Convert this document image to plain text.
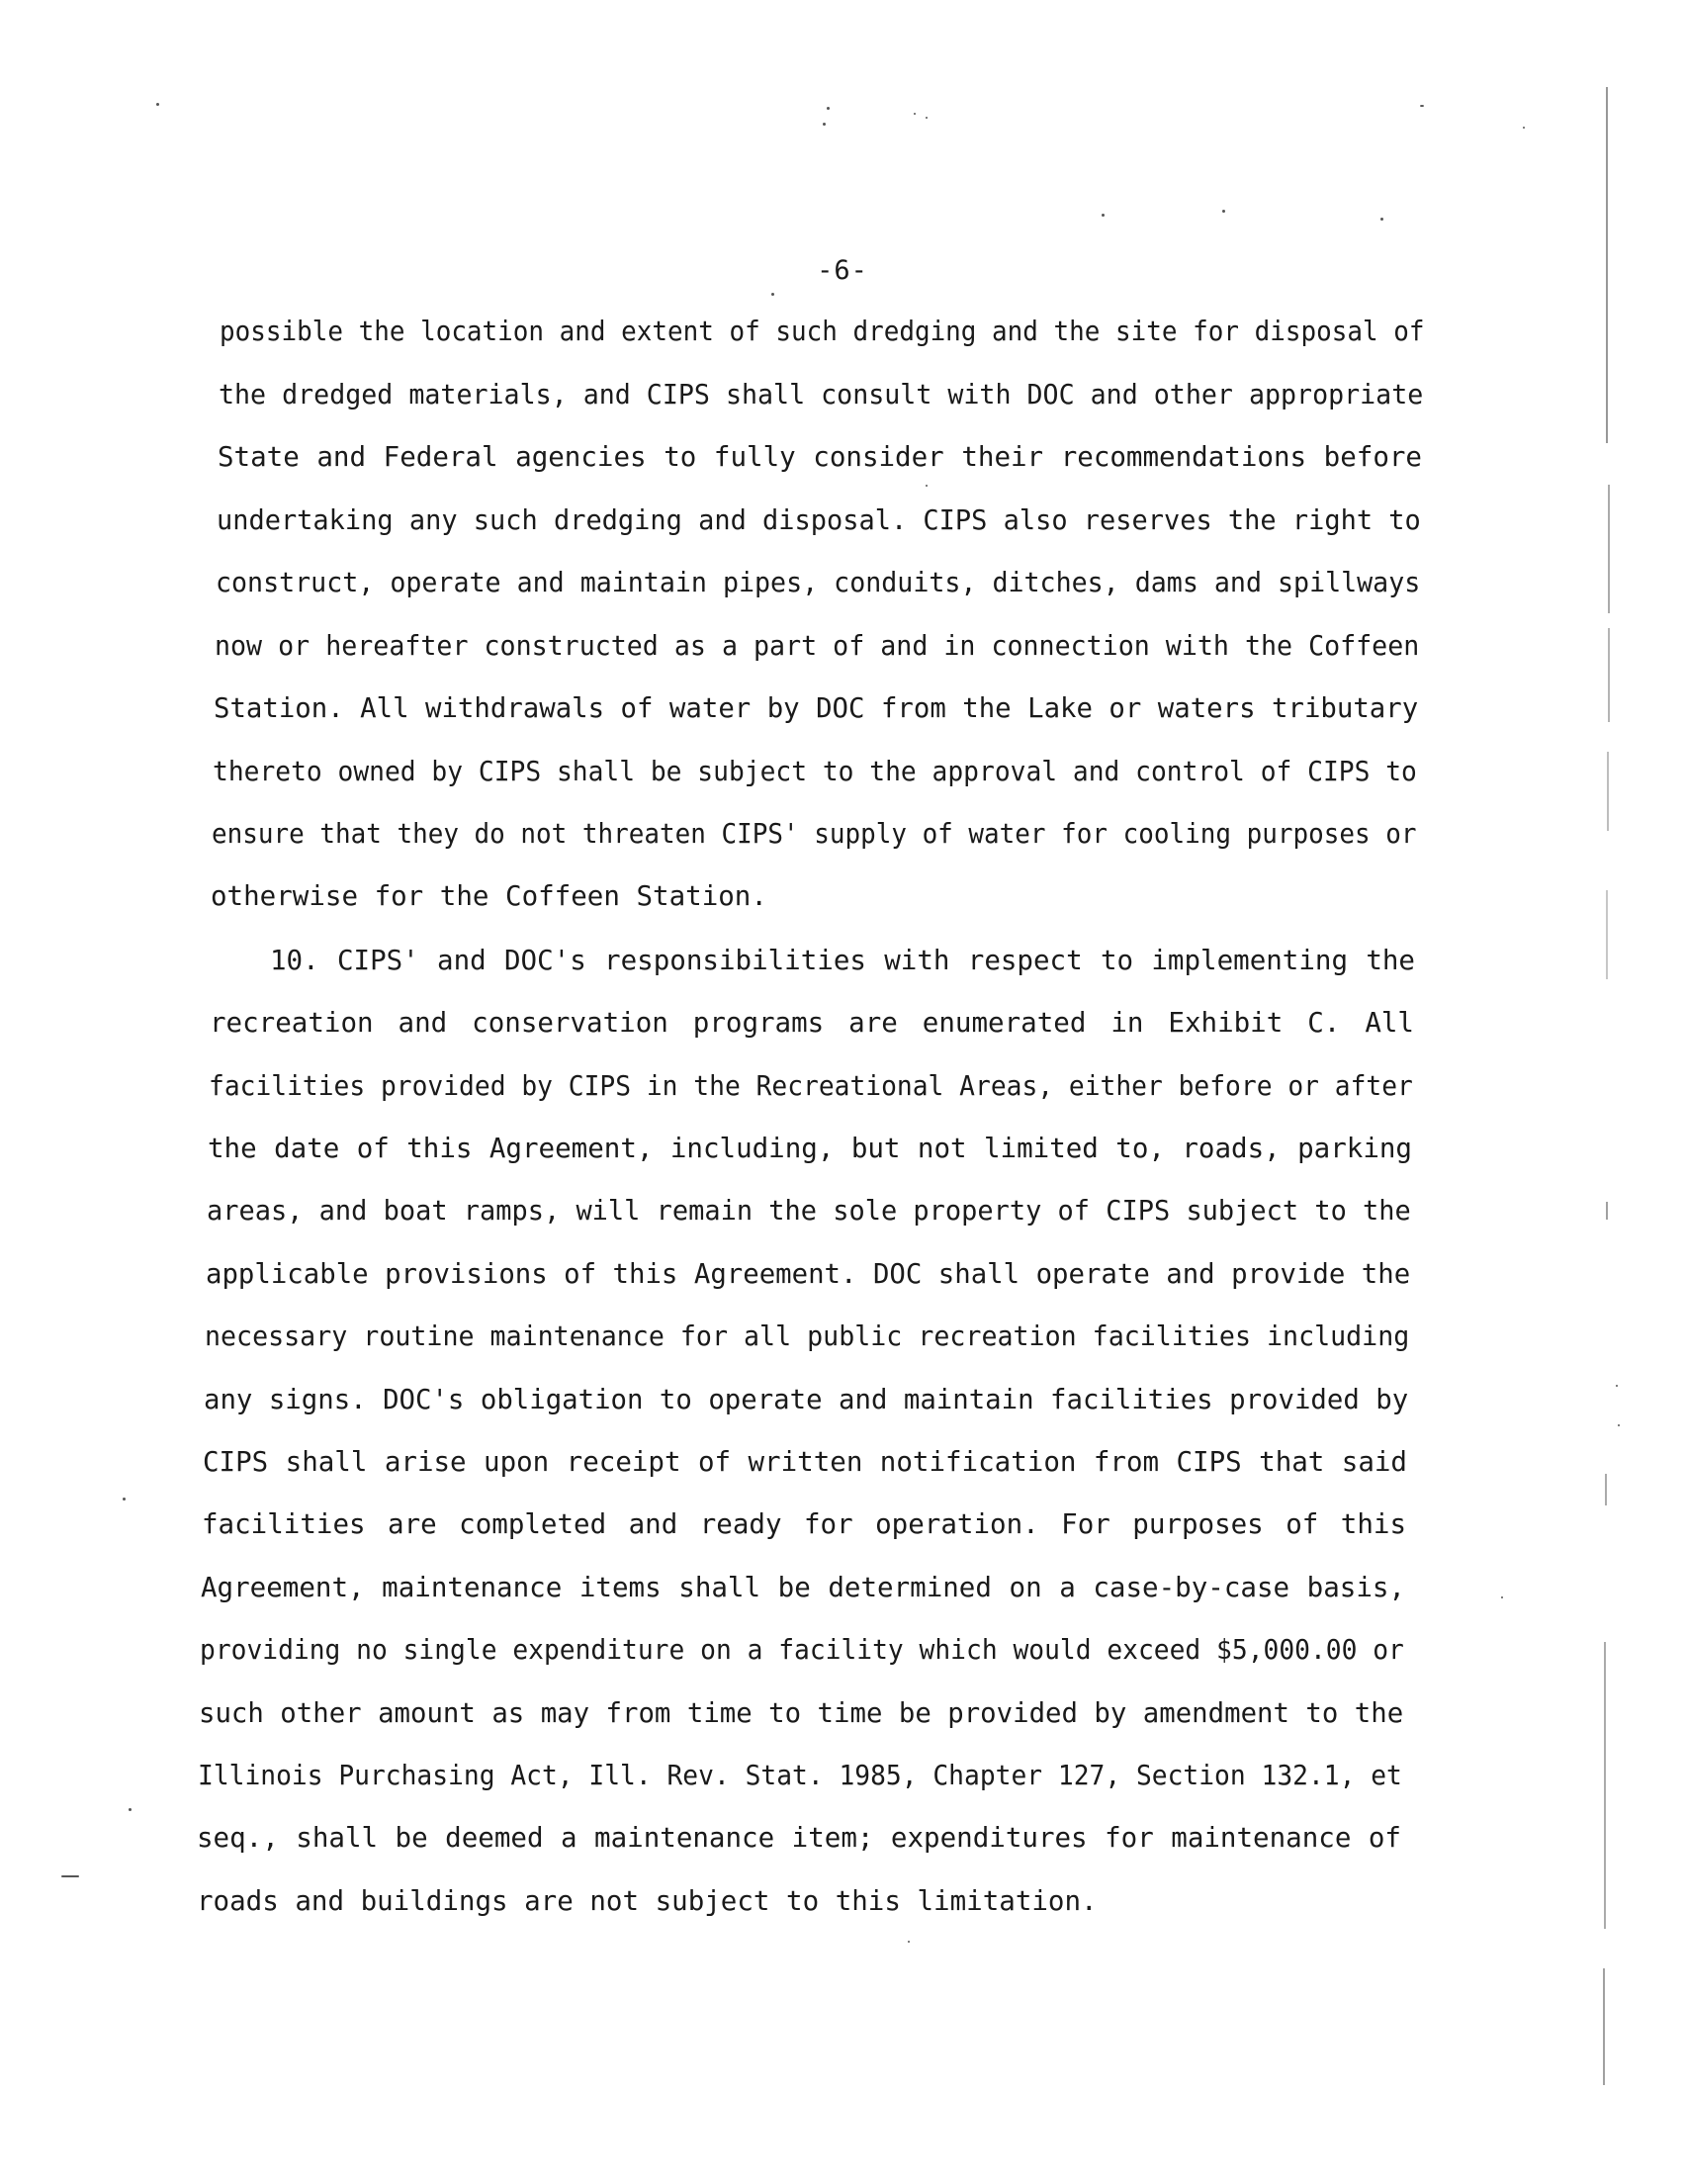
-6-
possible the location and extent of such dredging and the site for disposal of
the dredged materials, and CIPS shall consult with DOC and other appropriate
State and Federal agencies to fully consider their recommendations before
undertaking any such dredging and disposal. CIPS also reserves the right to
construct, operate and maintain pipes, conduits, ditches, dams and spillways
now or hereafter constructed as a part of and in connection with the Coffeen
Station. All withdrawals of water by DOC from the Lake or waters tributary
thereto owned by CIPS shall be subject to the approval and control of CIPS to
ensure that they do not threaten CIPS' supply of water for cooling purposes or
otherwise for the Coffeen Station.
10. CIPS' and DOC's responsibilities with respect to implementing the
recreation and conservation programs are enumerated in Exhibit C. All
facilities provided by CIPS in the Recreational Areas, either before or after
the date of this Agreement, including, but not limited to, roads, parking
areas, and boat ramps, will remain the sole property of CIPS subject to the
applicable provisions of this Agreement. DOC shall operate and provide the
necessary routine maintenance for all public recreation facilities including
any signs. DOC's obligation to operate and maintain facilities provided by
CIPS shall arise upon receipt of written notification from CIPS that said
facilities are completed and ready for operation. For purposes of this
Agreement, maintenance items shall be determined on a case-by-case basis,
providing no single expenditure on a facility which would exceed $5,000.00 or
such other amount as may from time to time be provided by amendment to the
Illinois Purchasing Act, Ill. Rev. Stat. 1985, Chapter 127, Section 132.1, et
seq., shall be deemed a maintenance item; expenditures for maintenance of
roads and buildings are not subject to this limitation.
